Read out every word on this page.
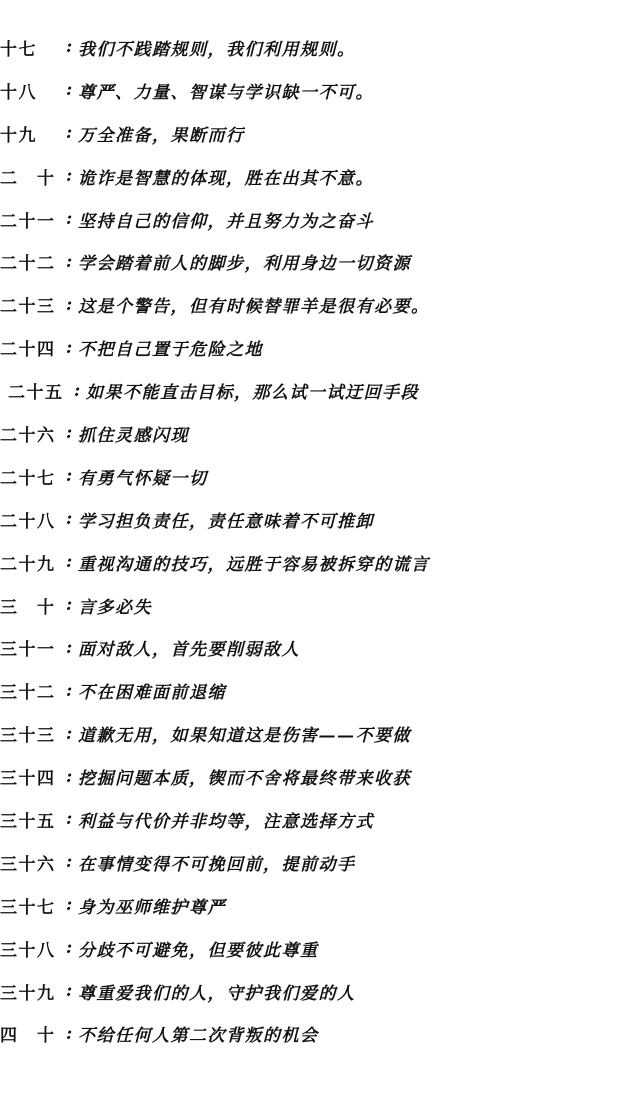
十七	: 我们不践踏规则，我们利用规则。
十八	: 尊严、力量、智谋与学识缺一不可。
十九	: 万全准备，果断而行
二　十 : 诡诈是智慧的体现，胜在出其不意。
二十一 : 坚持自己的信仰，并且努力为之奋斗
二十二 : 学会踏着前人的脚步，利用身边一切资源
二十三 : 这是个警告，但有时候替罪羊是很有必要。
二十四 : 不把自己置于危险之地
二十五 : 如果不能直击目标，那么试一试迂回手段
二十六 : 抓住灵感闪现
二十七 : 有勇气怀疑一切
二十八 : 学习担负责任，责任意味着不可推卸
二十九 : 重视沟通的技巧，远胜于容易被拆穿的谎言
三　十 : 言多必失
三十一 : 面对敌人，首先要削弱敌人
三十二 : 不在困难面前退缩
三十三 : 道歉无用，如果知道这是伤害——不要做
三十四 : 挖掘问题本质，锲而不舍将最终带来收获
三十五 : 利益与代价并非均等，注意选择方式
三十六 : 在事情变得不可挽回前，提前动手
三十七 : 身为巫师维护尊严
三十八 : 分歧不可避免，但要彼此尊重
三十九 : 尊重爱我们的人，守护我们爱的人
四　十 : 不给任何人第二次背叛的机会
